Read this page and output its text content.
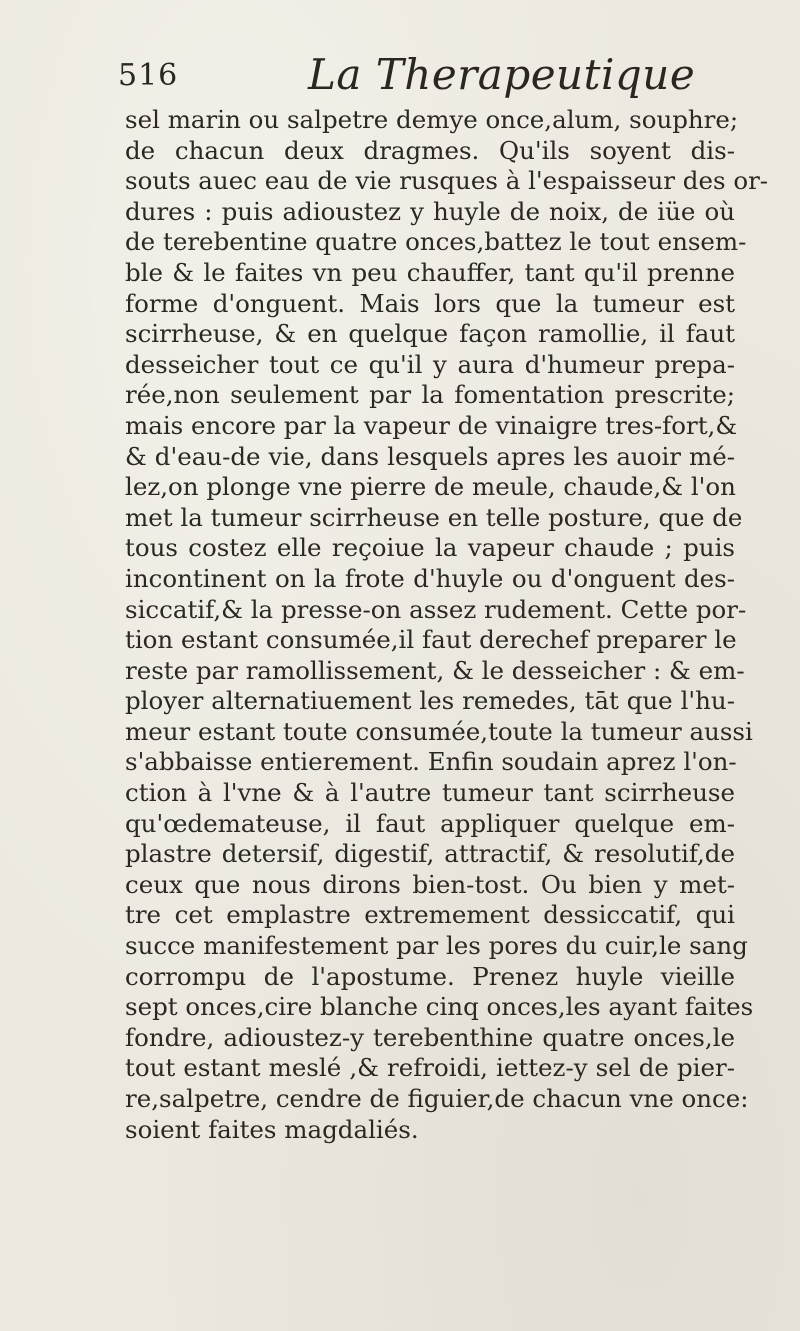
516	La Therapeutique
sel marin ou salpetre demye once,alum, souphre;
de chacun deux dragmes. Qu'ils soyent dis-
souts auec eau de vie rusques à l'espaisseur des or-
dures : puis adioustez y huyle de noix, de iüe où
de terebentine quatre onces,battez le tout ensem-
ble & le faites vn peu chauffer, tant qu'il prenne
forme d'onguent. Mais lors que la tumeur est
scirrheuse, & en quelque façon ramollie, il faut
desseicher tout ce qu'il y aura d'humeur prepa-
rée,non seulement par la fomentation prescrite;
mais encore par la vapeur de vinaigre tres-fort,&
& d'eau-de vie, dans lesquels apres les auoir mé-
lez,on plonge vne pierre de meule, chaude,& l'on
met la tumeur scirrheuse en telle posture, que de
tous costez elle reçoiue la vapeur chaude ; puis
incontinent on la frote d'huyle ou d'onguent des-
siccatif,& la presse-on assez rudement. Cette por-
tion estant consumée,il faut derechef preparer le
reste par ramollissement, & le desseicher : & em-
ployer alternatiuement les remedes, tāt que l'hu-
meur estant toute consumée,toute la tumeur aussi
s'abbaisse entierement. Enfin soudain aprez l'on-
ction à l'vne & à l'autre tumeur tant scirrheuse
qu'œdemateuse, il faut appliquer quelque em-
plastre detersif, digestif, attractif, & resolutif,de
ceux que nous dirons bien-tost. Ou bien y met-
tre cet emplastre extremement dessiccatif, qui
succe manifestement par les pores du cuir,le sang
corrompu de l'apostume. Prenez huyle vieille
sept onces,cire blanche cinq onces,les ayant faites
fondre, adioustez-y terebenthine quatre onces,le
tout estant meslé ,& refroidi, iettez-y sel de pier-
re,salpetre, cendre de figuier,de chacun vne once:
soient faites magdaliés.
